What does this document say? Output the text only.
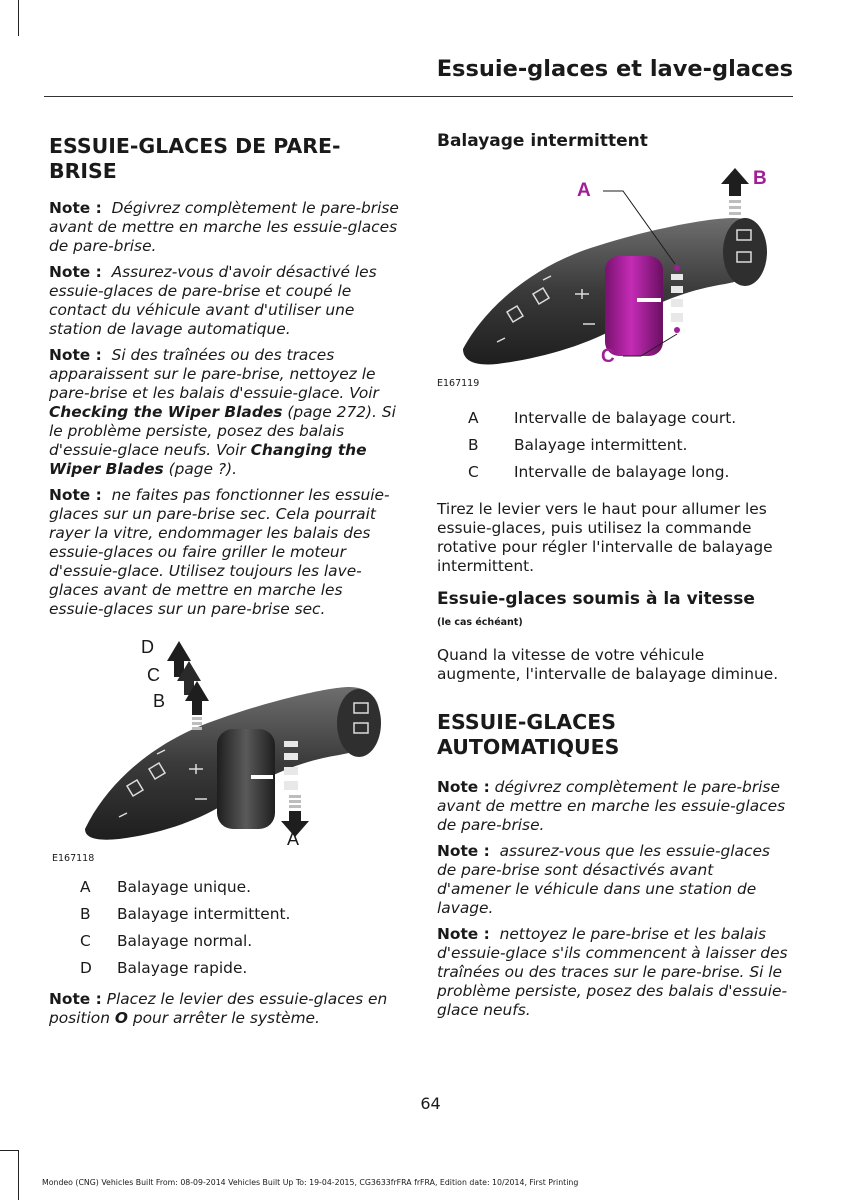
Essuie-glaces et lave-glaces
ESSUIE-GLACES DE PARE-BRISE

Note : Dégivrez complètement le pare-brise avant de mettre en marche les essuie-glaces de pare-brise.

Note : Assurez-vous d'avoir désactivé les essuie-glaces de pare-brise et coupé le contact du véhicule avant d'utiliser une station de lavage automatique.

Note : Si des traînées ou des traces apparaissent sur le pare-brise, nettoyez le pare-brise et les balais d'essuie-glace. Voir Checking the Wiper Blades (page 272). Si le problème persiste, posez des balais d'essuie-glace neufs. Voir Changing the Wiper Blades (page ?).

Note : ne faites pas fonctionner les essuie-glaces sur un pare-brise sec. Cela pourrait rayer la vitre, endommager les balais des essuie-glaces ou faire griller le moteur d'essuie-glace. Utilisez toujours les lave-glaces avant de mettre en marche les essuie-glaces sur un pare-brise sec.

D
C
B
A
E167118
A	Balayage unique.
B	Balayage intermittent.
C	Balayage normal.
D	Balayage rapide.

Note : Placez le levier des essuie-glaces en position O pour arrêter le système.

Balayage intermittent
A
B
C
E167119
A	Intervalle de balayage court.
B	Balayage intermittent.
C	Intervalle de balayage long.

Tirez le levier vers le haut pour allumer les essuie-glaces, puis utilisez la commande rotative pour régler l'intervalle de balayage intermittent.

Essuie-glaces soumis à la vitesse
(le cas échéant)

Quand la vitesse de votre véhicule augmente, l'intervalle de balayage diminue.

ESSUIE-GLACES AUTOMATIQUES

Note : dégivrez complètement le pare-brise avant de mettre en marche les essuie-glaces de pare-brise.

Note : assurez-vous que les essuie-glaces de pare-brise sont désactivés avant d'amener le véhicule dans une station de lavage.

Note : nettoyez le pare-brise et les balais d'essuie-glace s'ils commencent à laisser des traînées ou des traces sur le pare-brise. Si le problème persiste, posez des balais d'essuie-glace neufs.

64
Mondeo (CNG) Vehicles Built From: 08-09-2014 Vehicles Built Up To: 19-04-2015, CG3633frFRA frFRA, Edition date: 10/2014, First Printing
